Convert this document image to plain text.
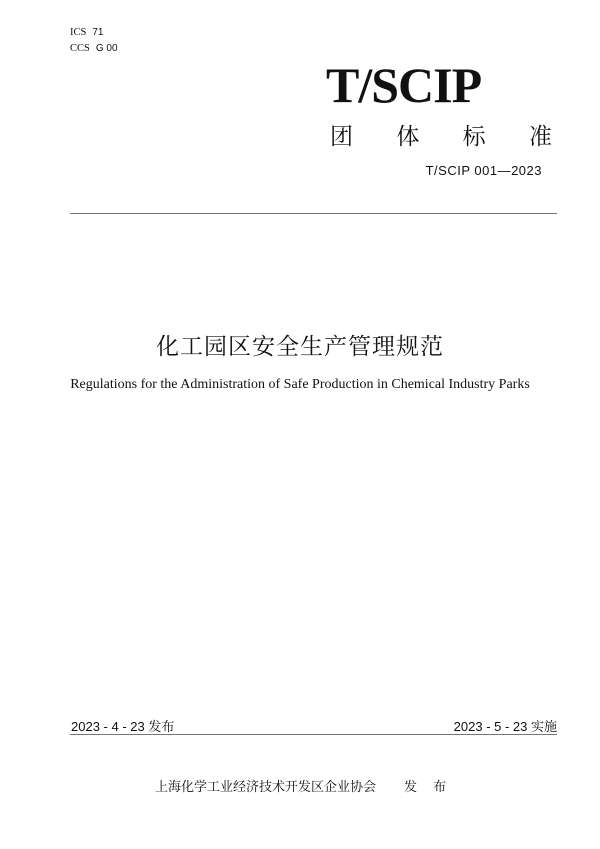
ICS 71
CCS G 00
T/SCIP
团 体 标 准
T/SCIP 001—2023
化工园区安全生产管理规范
Regulations for the Administration of Safe Production in Chemical Industry Parks
2023 - 4 - 23 发布	2023 - 5 - 23 实施
上海化学工业经济技术开发区企业协会 发 布
